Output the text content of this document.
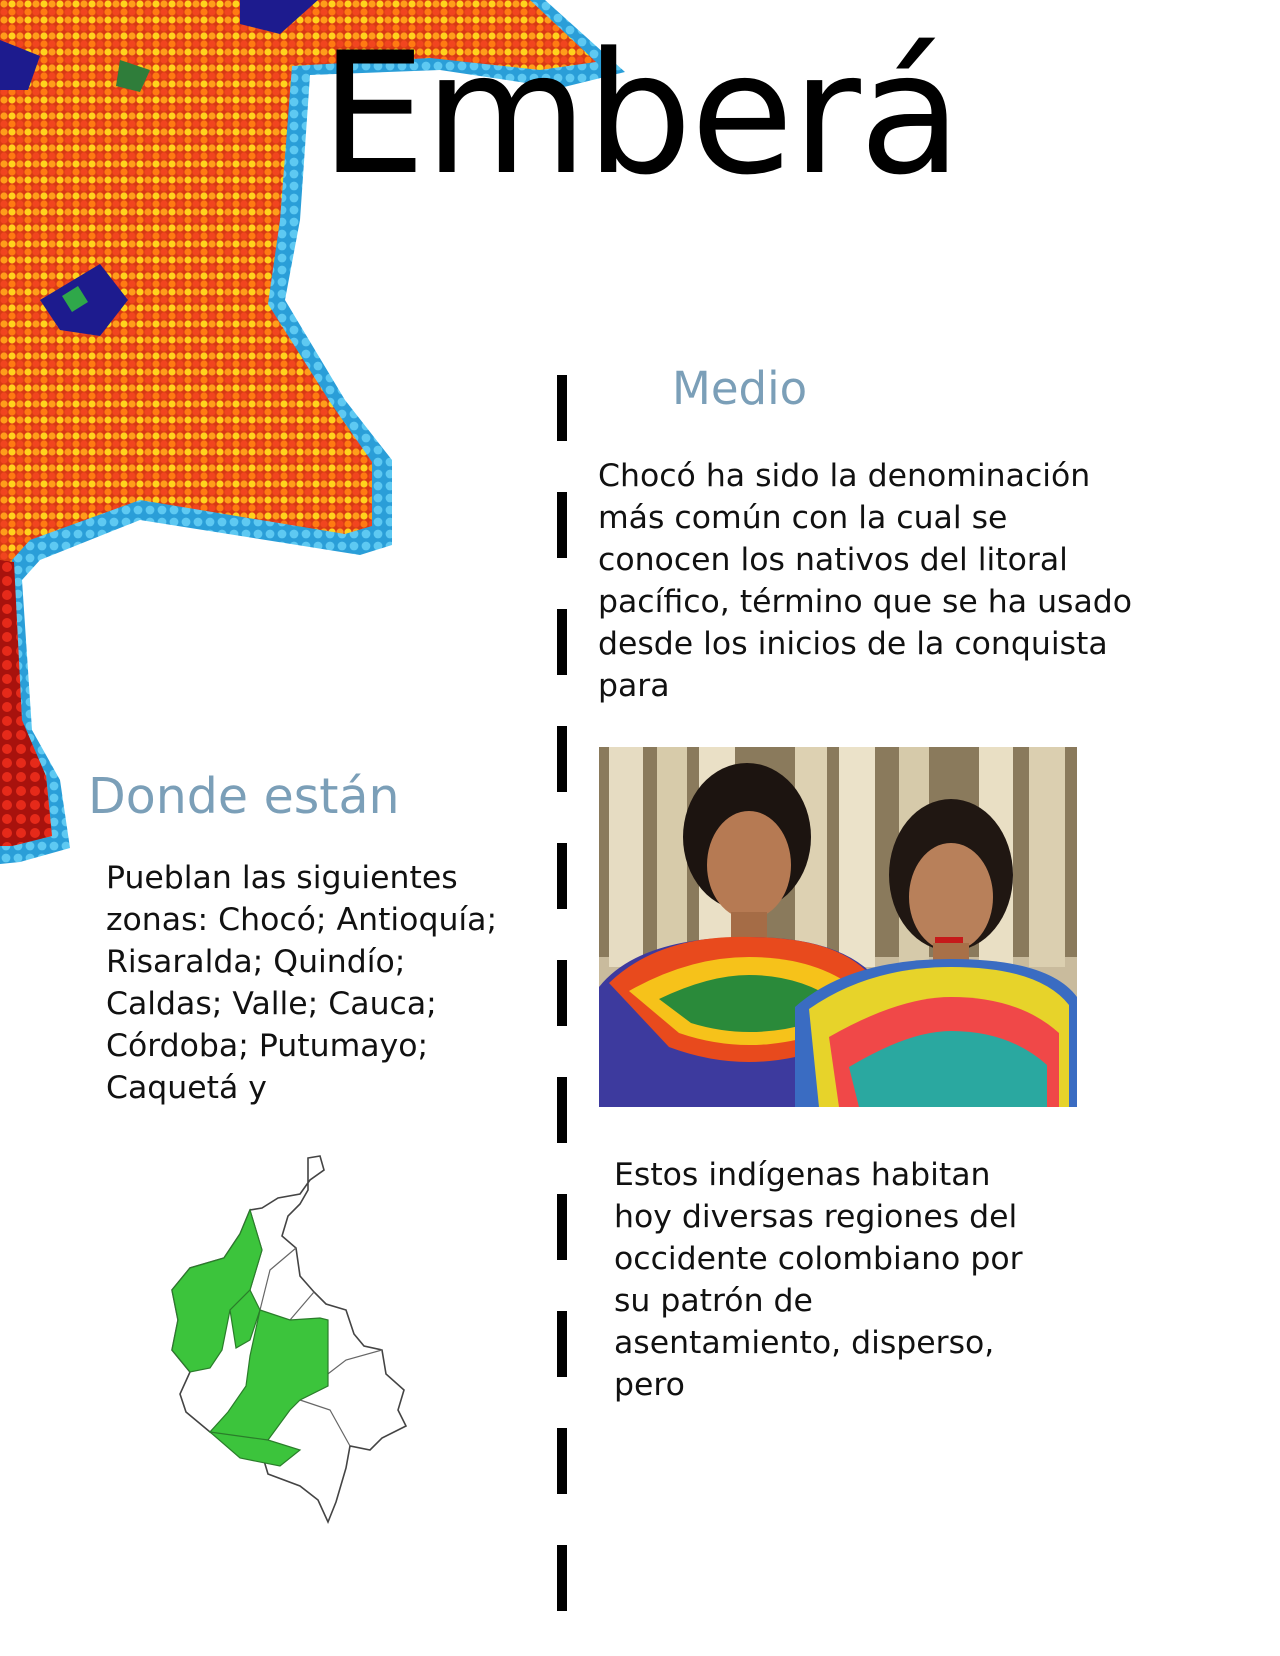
Emberá
Medio

Chocó ha sido la denominación más común con la cual se conocen los nativos del litoral pacífico, término que se ha usado desde los inicios de la conquista para

Donde están

Pueblan las siguientes zonas: Chocó; Antioquía; Risaralda; Quindío; Caldas; Valle; Cauca; Córdoba; Putumayo; Caquetá y

Estos indígenas habitan hoy diversas regiones del occidente colombiano por su patrón de asentamiento, disperso, pero
